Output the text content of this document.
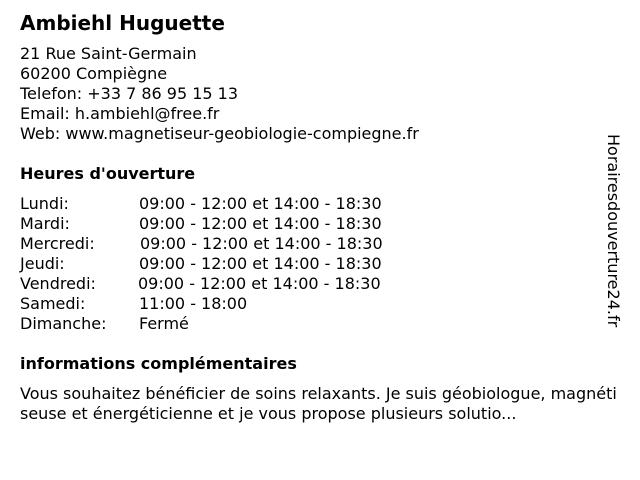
Ambiehl Huguette
21 Rue Saint-Germain
60200 Compiègne
Telefon: +33 7 86 95 15 13
Email: h.ambiehl@free.fr
Web: www.magnetiseur-geobiologie-compiegne.fr
Heures d'ouverture
Lundi:	09:00 - 12:00 et 14:00 - 18:30
Mardi:	09:00 - 12:00 et 14:00 - 18:30
Mercredi:	09:00 - 12:00 et 14:00 - 18:30
Jeudi:	09:00 - 12:00 et 14:00 - 18:30
Vendredi:	09:00 - 12:00 et 14:00 - 18:30
Samedi:	11:00 - 18:00
Dimanche:	Fermé
informations complémentaires
Vous souhaitez bénéficier de soins relaxants. Je suis géobiologue, magnétiseuse et énergéticienne et je vous propose plusieurs solutio...
Horairesdouverture24.fr
